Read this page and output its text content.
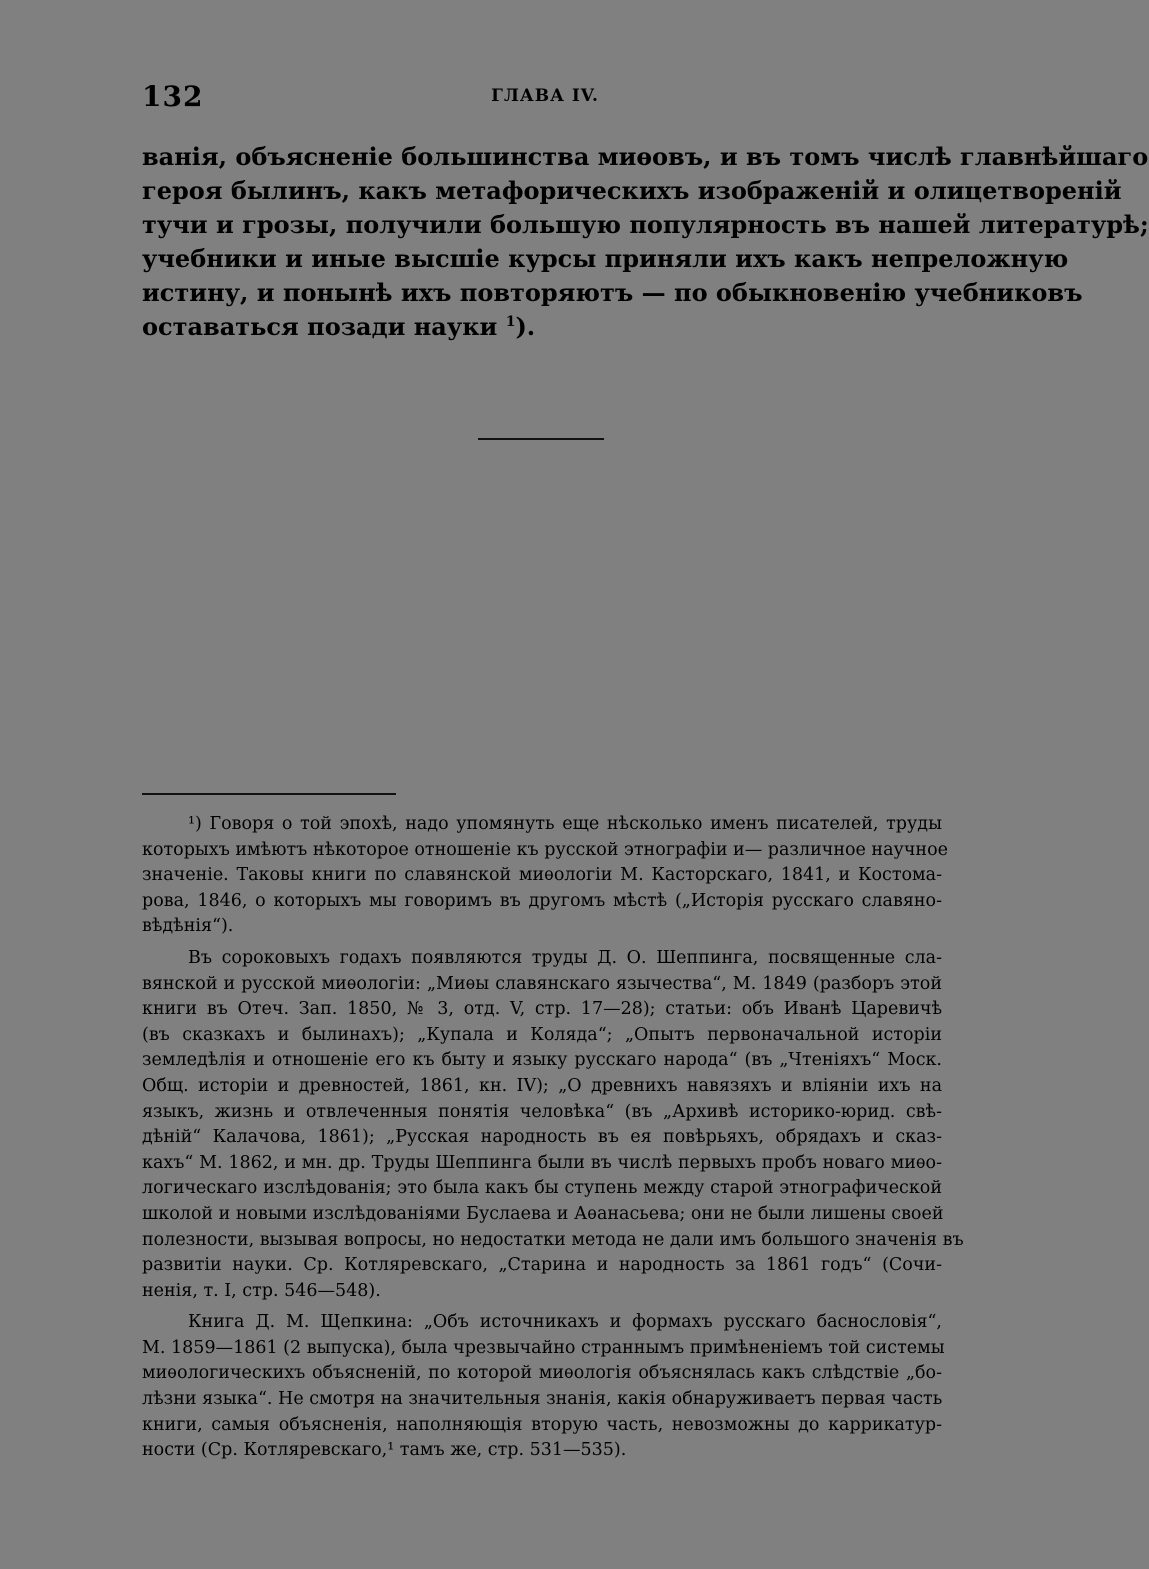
132	ГЛАВА IV.
ванія, объясненіе большинства миѳовъ, и въ томъ числѣ главнѣйшаго
героя былинъ, какъ метафорическихъ изображеній и олицетвореній
тучи и грозы, получили большую популярность въ нашей литературѣ;
учебники и иные высшіе курсы приняли ихъ какъ непреложную
истину, и понынѣ ихъ повторяютъ — по обыкновенію учебниковъ
оставаться позади науки $^1$).
¹) Говоря о той эпохѣ, надо упомянуть еще нѣсколько именъ писателей, труды
которыхъ имѣютъ нѣкоторое отношеніе къ русской этнографіи и— различное научное
значеніе. Таковы книги по славянской миѳологіи М. Касторскаго, 1841, и Костома-
рова, 1846, о которыхъ мы говоримъ въ другомъ мѣстѣ („Исторія русскаго славяно-
вѣдѣнія“).
Въ сороковыхъ годахъ появляются труды Д. О. Шеппинга, посвященные сла-
вянской и русской миѳологіи: „Миѳы славянскаго язычества“, М. 1849 (разборъ этой
книги въ Отеч. Зап. 1850, № 3, отд. V, стр. 17—28); статьи: объ Иванѣ Царевичѣ
(въ сказкахъ и былинахъ); „Купала и Коляда“; „Опытъ первоначальной исторіи
земледѣлія и отношеніе его къ быту и языку русскаго народа“ (въ „Чтеніяхъ“ Моск.
Общ. исторіи и древностей, 1861, кн. IV); „О древнихъ навязяхъ и вліяніи ихъ на
языкъ, жизнь и отвлеченныя понятія человѣка“ (въ „Архивѣ историко-юрид. свѣ-
дѣній“ Калачова, 1861); „Русская народность въ ея повѣрьяхъ, обрядахъ и сказ-
кахъ“ М. 1862, и мн. др. Труды Шеппинга были въ числѣ первыхъ пробъ новаго миѳо-
логическаго изслѣдованія; это была какъ бы ступень между старой этнографической
школой и новыми изслѣдованіями Буслаева и Аѳанасьева; они не были лишены своей
полезности, вызывая вопросы, но недостатки метода не дали имъ большого значенія въ
развитіи науки. Ср. Котляревскаго, „Старина и народность за 1861 годъ“ (Сочи-
ненія, т. I, стр. 546—548).
Книга Д. М. Щепкина: „Объ источникахъ и формахъ русскаго баснословія“,
М. 1859—1861 (2 выпуска), была чрезвычайно страннымъ примѣненіемъ той системы
миѳологическихъ объясненій, по которой миѳологія объяснялась какъ слѣдствіе „бо-
лѣзни языка“. Не смотря на значительныя знанія, какія обнаруживаетъ первая часть
книги, самыя объясненія, наполняющія вторую часть, невозможны до каррикатур-
ности (Ср. Котляревскаго,¹ тамъ же, стр. 531—535).
